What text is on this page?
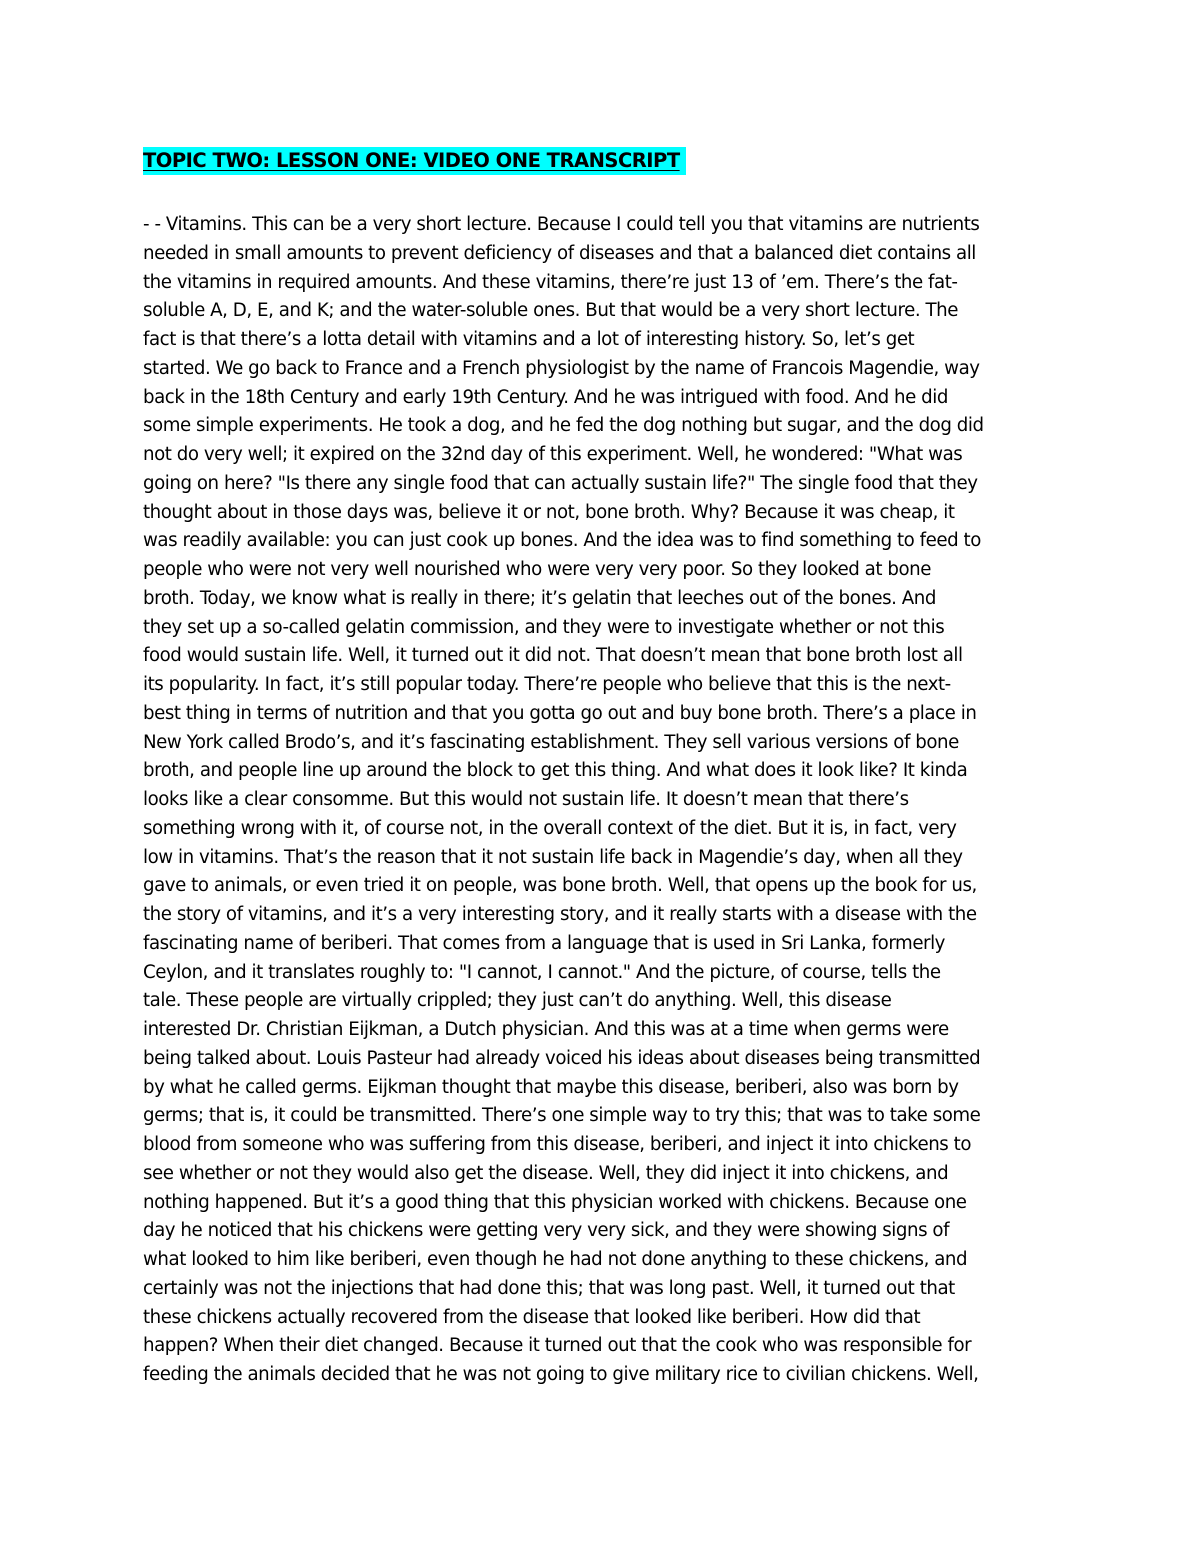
TOPIC TWO: LESSON ONE: VIDEO ONE TRANSCRIPT
- - Vitamins. This can be a very short lecture. Because I could tell you that vitamins are nutrients
needed in small amounts to prevent deficiency of diseases and that a balanced diet contains all
the vitamins in required amounts. And these vitamins, there’re just 13 of ’em. There’s the fat-
soluble A, D, E, and K; and the water-soluble ones. But that would be a very short lecture. The
fact is that there’s a lotta detail with vitamins and a lot of interesting history. So, let’s get
started. We go back to France and a French physiologist by the name of Francois Magendie, way
back in the 18th Century and early 19th Century. And he was intrigued with food. And he did
some simple experiments. He took a dog, and he fed the dog nothing but sugar, and the dog did
not do very well; it expired on the 32nd day of this experiment. Well, he wondered: "What was
going on here? "Is there any single food that can actually sustain life?" The single food that they
thought about in those days was, believe it or not, bone broth. Why? Because it was cheap, it
was readily available: you can just cook up bones. And the idea was to find something to feed to
people who were not very well nourished who were very very poor. So they looked at bone
broth. Today, we know what is really in there; it’s gelatin that leeches out of the bones. And
they set up a so-called gelatin commission, and they were to investigate whether or not this
food would sustain life. Well, it turned out it did not. That doesn’t mean that bone broth lost all
its popularity. In fact, it’s still popular today. There’re people who believe that this is the next-
best thing in terms of nutrition and that you gotta go out and buy bone broth. There’s a place in
New York called Brodo’s, and it’s fascinating establishment. They sell various versions of bone
broth, and people line up around the block to get this thing. And what does it look like? It kinda
looks like a clear consomme. But this would not sustain life. It doesn’t mean that there’s
something wrong with it, of course not, in the overall context of the diet. But it is, in fact, very
low in vitamins. That’s the reason that it not sustain life back in Magendie’s day, when all they
gave to animals, or even tried it on people, was bone broth. Well, that opens up the book for us,
the story of vitamins, and it’s a very interesting story, and it really starts with a disease with the
fascinating name of beriberi. That comes from a language that is used in Sri Lanka, formerly
Ceylon, and it translates roughly to: "I cannot, I cannot." And the picture, of course, tells the
tale. These people are virtually crippled; they just can’t do anything. Well, this disease
interested Dr. Christian Eijkman, a Dutch physician. And this was at a time when germs were
being talked about. Louis Pasteur had already voiced his ideas about diseases being transmitted
by what he called germs. Eijkman thought that maybe this disease, beriberi, also was born by
germs; that is, it could be transmitted. There’s one simple way to try this; that was to take some
blood from someone who was suffering from this disease, beriberi, and inject it into chickens to
see whether or not they would also get the disease. Well, they did inject it into chickens, and
nothing happened. But it’s a good thing that this physician worked with chickens. Because one
day he noticed that his chickens were getting very very sick, and they were showing signs of
what looked to him like beriberi, even though he had not done anything to these chickens, and
certainly was not the injections that had done this; that was long past. Well, it turned out that
these chickens actually recovered from the disease that looked like beriberi. How did that
happen? When their diet changed. Because it turned out that the cook who was responsible for
feeding the animals decided that he was not going to give military rice to civilian chickens. Well,
